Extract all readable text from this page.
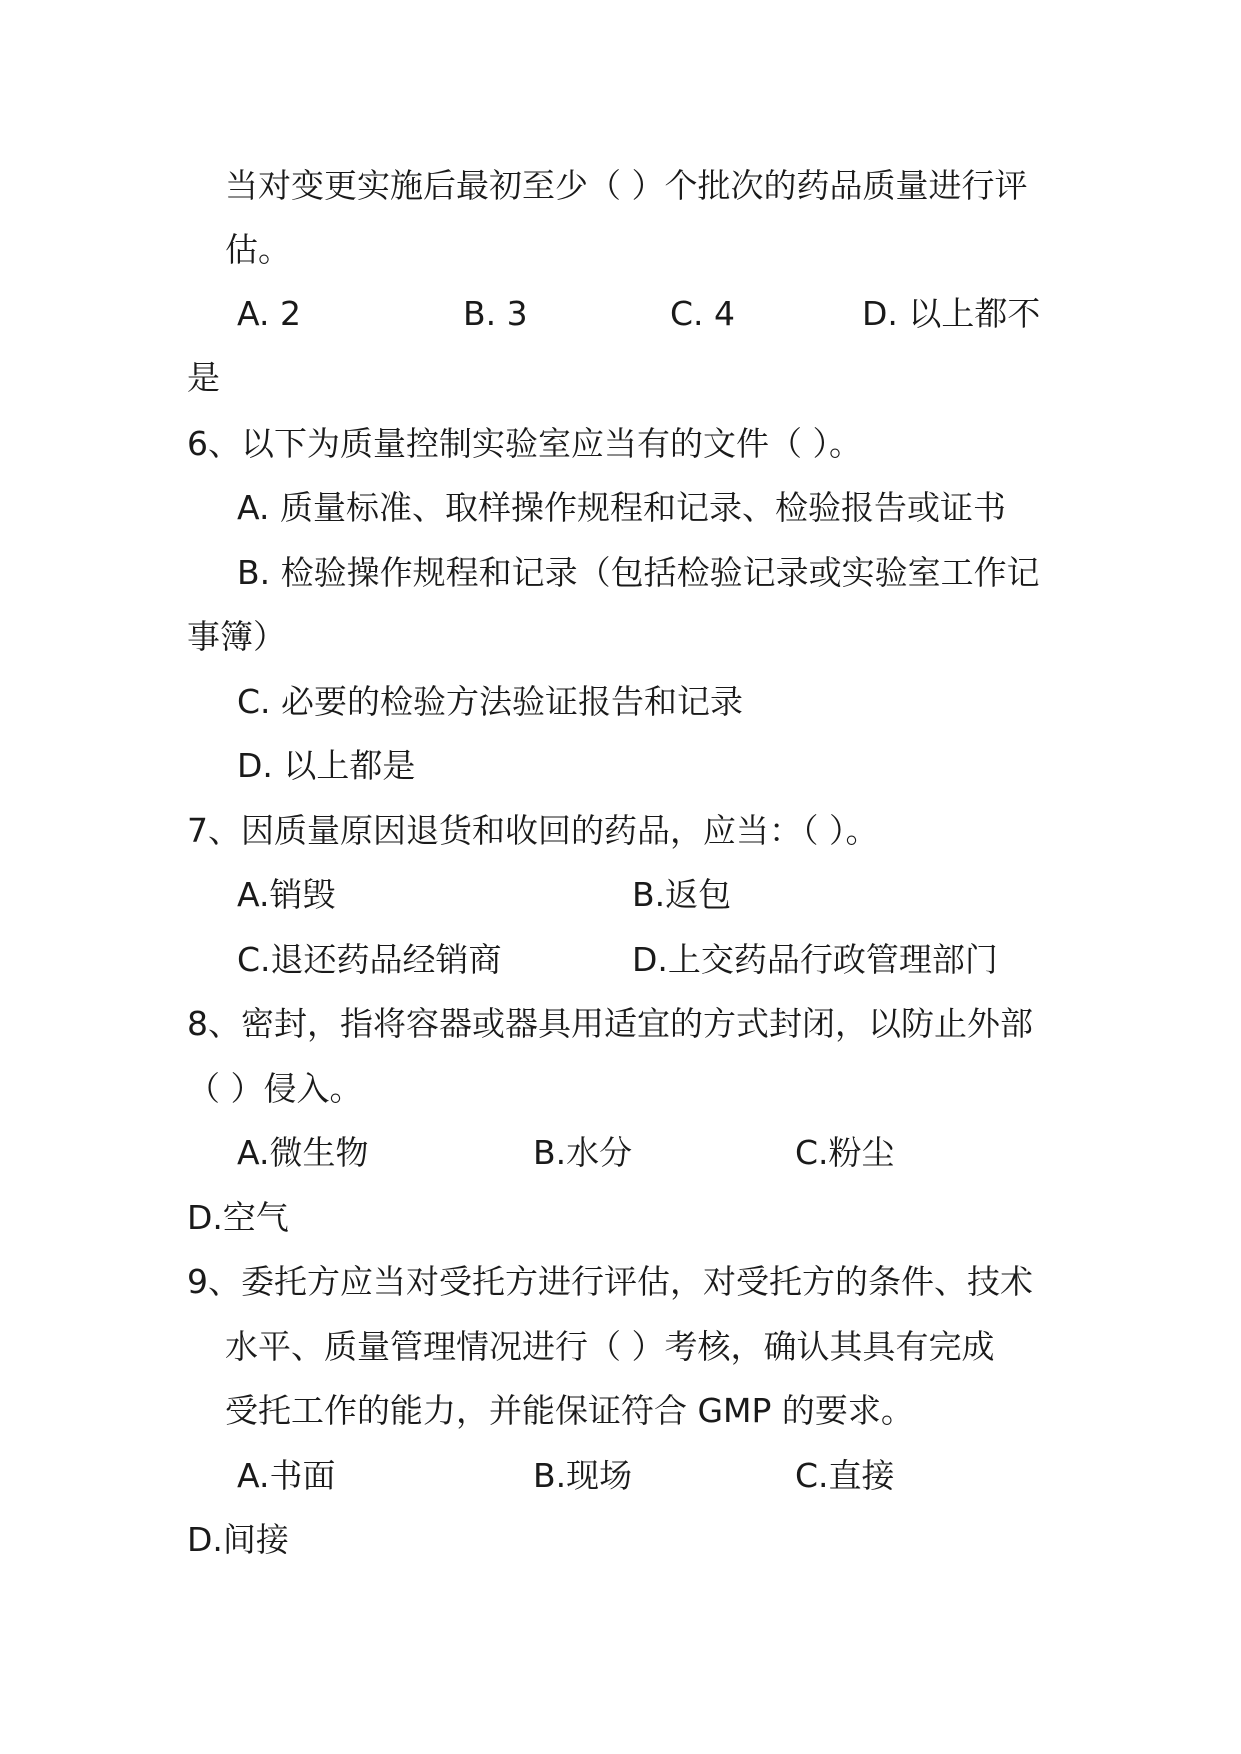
当对变更实施后最初至少（ ）个批次的药品质量进行评
估。
A. 2	B. 3	C. 4	D. 以上都不
是
6、以下为质量控制实验室应当有的文件（ ）。
A. 质量标准、取样操作规程和记录、检验报告或证书
B. 检验操作规程和记录（包括检验记录或实验室工作记
事簿）
C. 必要的检验方法验证报告和记录
D. 以上都是
7、因质量原因退货和收回的药品，应当：（ ）。
A.销毁	B.返包
C.退还药品经销商	D.上交药品行政管理部门
8、密封，指将容器或器具用适宜的方式封闭，以防止外部
（ ）侵入。
A.微生物	B.水分	C.粉尘
D.空气
9、委托方应当对受托方进行评估，对受托方的条件、技术
水平、质量管理情况进行（ ）考核，确认其具有完成
受托工作的能力，并能保证符合 GMP 的要求。
A.书面	B.现场	C.直接
D.间接
